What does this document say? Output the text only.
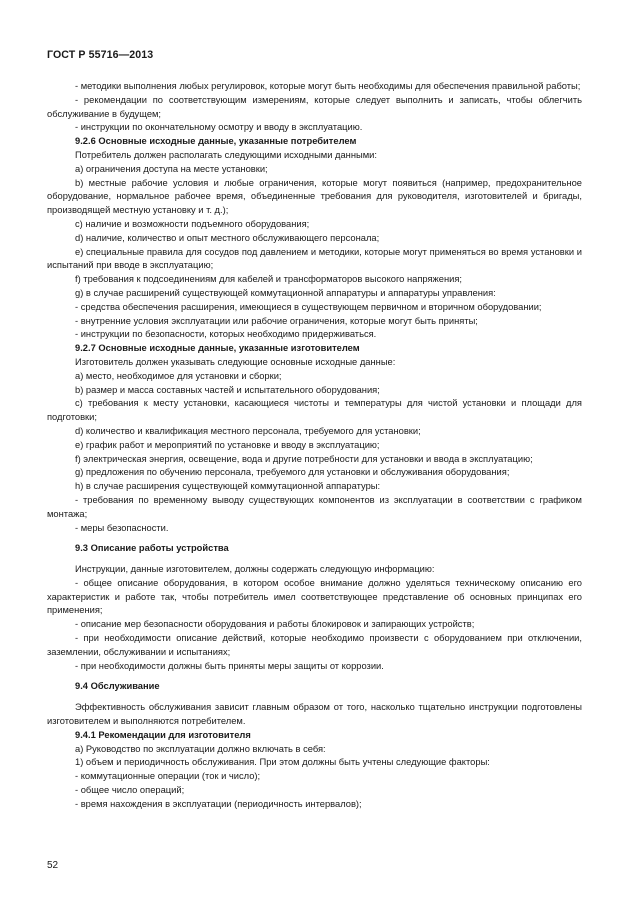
ГОСТ Р 55716—2013

- методики выполнения любых регулировок, которые могут быть необходимы для обеспечения правильной работы;

- рекомендации по соответствующим измерениям, которые следует выполнить и записать, чтобы облегчить обслуживание в будущем;

- инструкции по окончательному осмотру и вводу в эксплуатацию.

9.2.6 Основные исходные данные, указанные потребителем

Потребитель должен располагать следующими исходными данными:

a) ограничения доступа на месте установки;

b) местные рабочие условия и любые ограничения, которые могут появиться (например, предохранительное оборудование, нормальное рабочее время, объединенные требования для руководителя, изготовителей и бригады, производящей местную установку и т. д.);

c) наличие и возможности подъемного оборудования;

d) наличие, количество и опыт местного обслуживающего персонала;

e) специальные правила для сосудов под давлением и методики, которые могут применяться во время установки и испытаний при вводе в эксплуатацию;

f) требования к подсоединениям для кабелей и трансформаторов высокого напряжения;

g) в случае расширений существующей коммутационной аппаратуры и аппаратуры управления:

- средства обеспечения расширения, имеющиеся в существующем первичном и вторичном оборудовании;

- внутренние условия эксплуатации или рабочие ограничения, которые могут быть приняты;

- инструкции по безопасности, которых необходимо придерживаться.

9.2.7 Основные исходные данные, указанные изготовителем

Изготовитель должен указывать следующие основные исходные данные:

a) место, необходимое для установки и сборки;

b) размер и масса составных частей и испытательного оборудования;

c) требования к месту установки, касающиеся чистоты и температуры для чистой установки и площади для подготовки;

d) количество и квалификация местного персонала, требуемого для установки;

e) график работ и мероприятий по установке и вводу в эксплуатацию;

f) электрическая энергия, освещение, вода и другие потребности для установки и ввода в эксплуатацию;

g) предложения по обучению персонала, требуемого для установки и обслуживания оборудования;

h) в случае расширения существующей коммутационной аппаратуры:

- требования по временному выводу существующих компонентов из эксплуатации в соответствии с графиком монтажа;

- меры безопасности.

9.3 Описание работы устройства

Инструкции, данные изготовителем, должны содержать следующую информацию:

- общее описание оборудования, в котором особое внимание должно уделяться техническому описанию его характеристик и работе так, чтобы потребитель имел соответствующее представление об основных принципах его применения;

- описание мер безопасности оборудования и работы блокировок и запирающих устройств;

- при необходимости описание действий, которые необходимо произвести с оборудованием при отключении, заземлении, обслуживании и испытаниях;

- при необходимости должны быть приняты меры защиты от коррозии.

9.4 Обслуживание

Эффективность обслуживания зависит главным образом от того, насколько тщательно инструкции подготовлены изготовителем и выполняются потребителем.

9.4.1 Рекомендации для изготовителя

a) Руководство по эксплуатации должно включать в себя:

1) объем и периодичность обслуживания. При этом должны быть учтены следующие факторы:

- коммутационные операции (ток и число);

- общее число операций;

- время нахождения в эксплуатации (периодичность интервалов);

52
